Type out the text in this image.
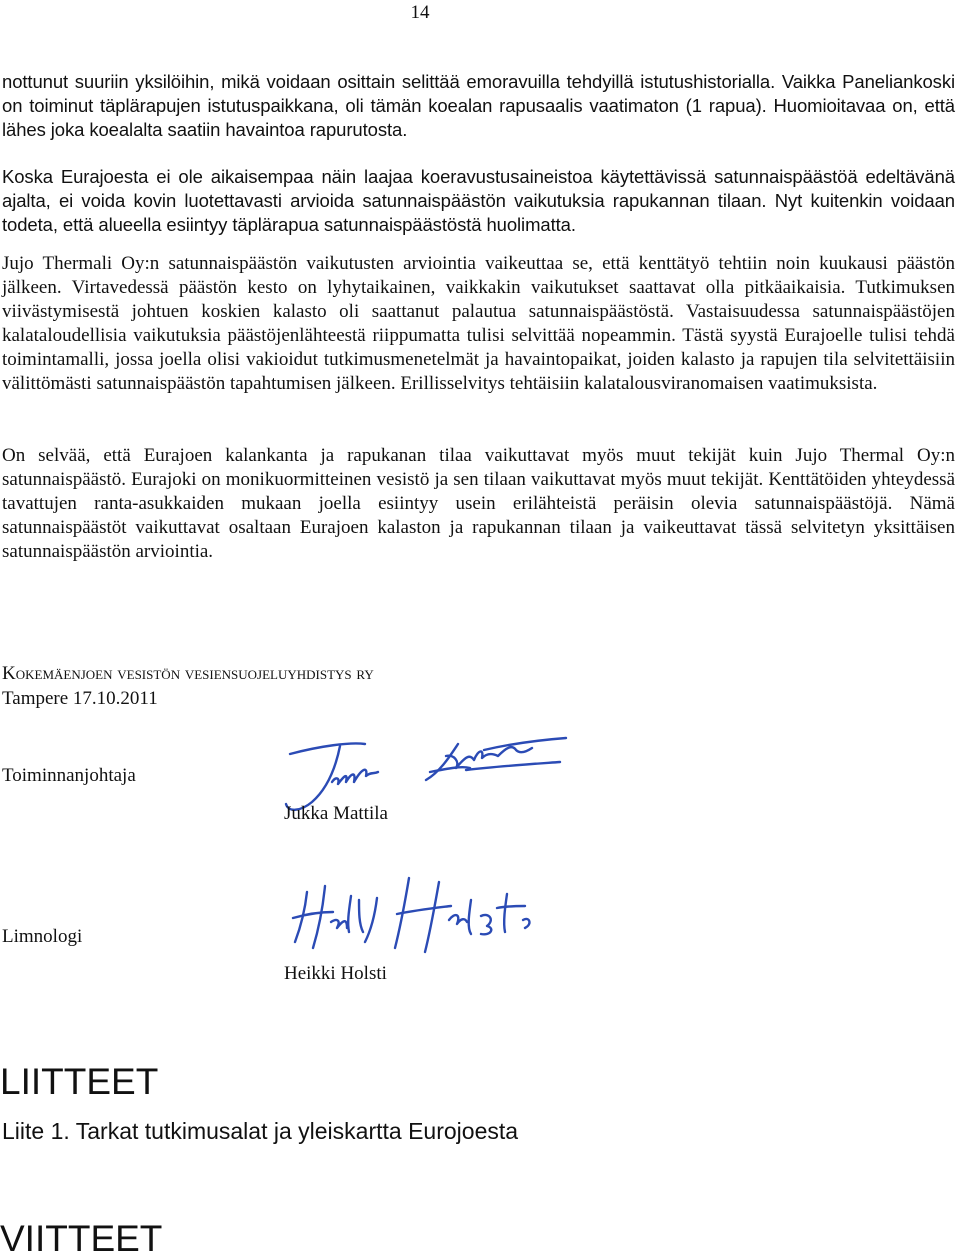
14

nottunut suuriin yksilöihin, mikä voidaan osittain selittää emoravuilla tehdyillä istutushistorialla. Vaikka Paneliankoski on toiminut täplärapujen istutuspaikkana, oli tämän koealan rapusaalis vaatimaton (1 rapua). Huomioitavaa on, että lähes joka koealalta saatiin havaintoa rapurutosta.

Koska Eurajoesta ei ole aikaisempaa näin laajaa koeravustusaineistoa käytettävissä satunnaispäästöä edeltävänä ajalta, ei voida kovin luotettavasti arvioida satunnaispäästön vaikutuksia rapukannan tilaan. Nyt kuitenkin voidaan todeta, että alueella esiintyy täplärapua satunnaispäästöstä huolimatta.

Jujo Thermali Oy:n satunnaispäästön vaikutusten arviointia vaikeuttaa se, että kenttätyö tehtiin noin kuukausi päästön jälkeen. Virtavedessä päästön kesto on lyhytaikainen, vaikkakin vaikutukset saattavat olla pitkäaikaisia. Tutkimuksen viivästymisestä johtuen koskien kalasto oli saattanut palautua satunnaispäästöstä. Vastaisuudessa satunnaispäästöjen kalataloudellisia vaikutuksia päästöjenlähteestä riippumatta tulisi selvittää nopeammin. Tästä syystä Eurajoelle tulisi tehdä toimintamalli, jossa joella olisi vakioidut tutkimusmenetelmät ja havaintopaikat, joiden kalasto ja rapujen tila selvitettäisiin välittömästi satunnaispäästön tapahtumisen jälkeen. Erillisselvitys tehtäisiin kalatalousviranomaisen vaatimuksista.

On selvää, että Eurajoen kalankanta ja rapukanan tilaa vaikuttavat myös muut tekijät kuin Jujo Thermal Oy:n satunnaispäästö. Eurajoki on monikuormitteinen vesistö ja sen tilaan vaikuttavat myös muut tekijät. Kenttätöiden yhteydessä tavattujen ranta-asukkaiden mukaan joella esiintyy usein erilähteistä peräisin olevia satunnaispäästöjä. Nämä satunnaispäästöt vaikuttavat osaltaan Eurajoen kalaston ja rapukannan tilaan ja vaikeuttavat tässä selvitetyn yksittäisen satunnaispäästön arviointia.

Kokemäenjoen vesistön vesiensuojeluyhdistys ry
Tampere 17.10.2011
Toiminnanjohtaja
Jukka Mattila
Limnologi
Heikki Holsti
LIITTEET
Liite 1. Tarkat tutkimusalat ja yleiskartta Eurojoesta
VIITTEET
